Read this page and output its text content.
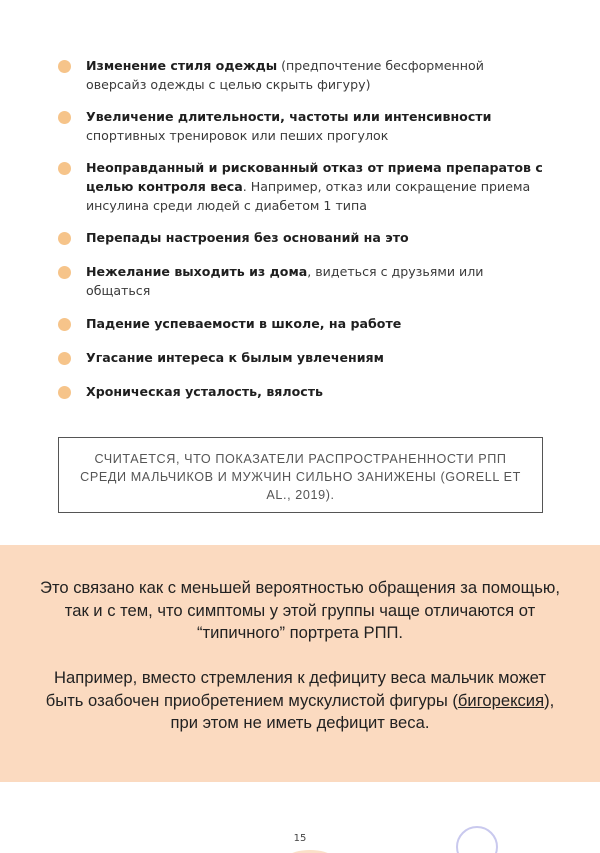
Изменение стиля одежды (предпочтение бесформенной оверсайз одежды с целью скрыть фигуру)
Увеличение длительности, частоты или интенсивности спортивных тренировок или пеших прогулок
Неоправданный и рискованный отказ от приема препаратов с целью контроля веса. Например, отказ или сокращение приема инсулина среди людей с диабетом 1 типа
Перепады настроения без оснований на это
Нежелание выходить из дома, видеться с друзьями или общаться
Падение успеваемости в школе, на работе
Угасание интереса к былым увлечениям
Хроническая усталость, вялость
СЧИТАЕТСЯ, ЧТО ПОКАЗАТЕЛИ РАСПРОСТРАНЕННОСТИ РПП СРЕДИ МАЛЬЧИКОВ И МУЖЧИН СИЛЬНО ЗАНИЖЕНЫ (GORELL ET AL., 2019).

Это связано как с меньшей вероятностью обращения за помощью, так и с тем, что симптомы у этой группы чаще отличаются от “типичного” портрета РПП.

Например, вместо стремления к дефициту веса мальчик может быть озабочен приобретением мускулистой фигуры (бигорексия), при этом не иметь дефицит веса.

15
